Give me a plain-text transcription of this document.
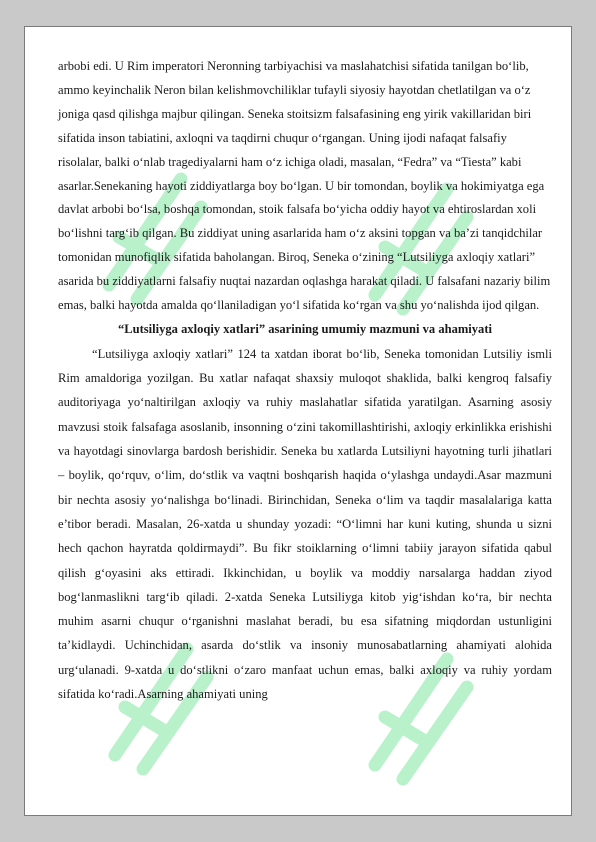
arbobi edi. U Rim imperatori Neronning tarbiyachisi va maslahatchisi sifatida tanilgan bo‘lib, ammo keyinchalik Neron bilan kelishmovchiliklar tufayli siyosiy hayotdan chetlatilgan va o‘z joniga qasd qilishga majbur qilingan. Seneka stoitsizm falsafasining eng yirik vakillaridan biri sifatida inson tabiatini, axloqni va taqdirni chuqur o‘rgangan. Uning ijodi nafaqat falsafiy risolalar, balki o‘nlab tragediyalarni ham o‘z ichiga oladi, masalan, “Fedra” va “Tiesta” kabi asarlar.Senekaning hayoti ziddiyatlarga boy bo‘lgan. U bir tomondan, boylik va hokimiyatga ega davlat arbobi bo‘lsa, boshqa tomondan, stoik falsafa bo‘yicha oddiy hayot va ehtiroslardan xoli bo‘lishni targ‘ib qilgan. Bu ziddiyat uning asarlarida ham o‘z aksini topgan va ba’zi tanqidchilar tomonidan munofiqlik sifatida baholangan. Biroq, Seneka o‘zining “Lutsiliyga axloqiy xatlari” asarida bu ziddiyatlarni falsafiy nuqtai nazardan oqlashga harakat qiladi. U falsafani nazariy bilim emas, balki hayotda amalda qo‘llaniladigan yo‘l sifatida ko‘rgan va shu yo‘nalishda ijod qilgan.

“Lutsiliyga axloqiy xatlari” asarining umumiy mazmuni va ahamiyati

“Lutsiliyga axloqiy xatlari” 124 ta xatdan iborat bo‘lib, Seneka tomonidan Lutsiliy ismli Rim amaldoriga yozilgan. Bu xatlar nafaqat shaxsiy muloqot shaklida, balki kengroq falsafiy auditoriyaga yo‘naltirilgan axloqiy va ruhiy maslahatlar sifatida yaratilgan. Asarning asosiy mavzusi stoik falsafaga asoslanib, insonning o‘zini takomillashtirishi, axloqiy erkinlikka erishishi va hayotdagi sinovlarga bardosh berishidir. Seneka bu xatlarda Lutsiliyni hayotning turli jihatlari – boylik, qo‘rquv, o‘lim, do‘stlik va vaqtni boshqarish haqida o‘ylashga undaydi.Asar mazmuni bir nechta asosiy yo‘nalishga bo‘linadi. Birinchidan, Seneka o‘lim va taqdir masalalariga katta e’tibor beradi. Masalan, 26-xatda u shunday yozadi: “O‘limni har kuni kuting, shunda u sizni hech qachon hayratda qoldirmaydi”. Bu fikr stoiklarning o‘limni tabiiy jarayon sifatida qabul qilish g‘oyasini aks ettiradi. Ikkinchidan, u boylik va moddiy narsalarga haddan ziyod bog‘lanmaslikni targ‘ib qiladi. 2-xatda Seneka Lutsiliyga kitob yig‘ishdan ko‘ra, bir nechta muhim asarni chuqur o‘rganishni maslahat beradi, bu esa sifatning miqdordan ustunligini ta’kidlaydi. Uchinchidan, asarda do‘stlik va insoniy munosabatlarning ahamiyati alohida urg‘ulanadi. 9-xatda u do‘stlikni o‘zaro manfaat uchun emas, balki axloqiy va ruhiy yordam sifatida ko‘radi.Asarning ahamiyati uning
